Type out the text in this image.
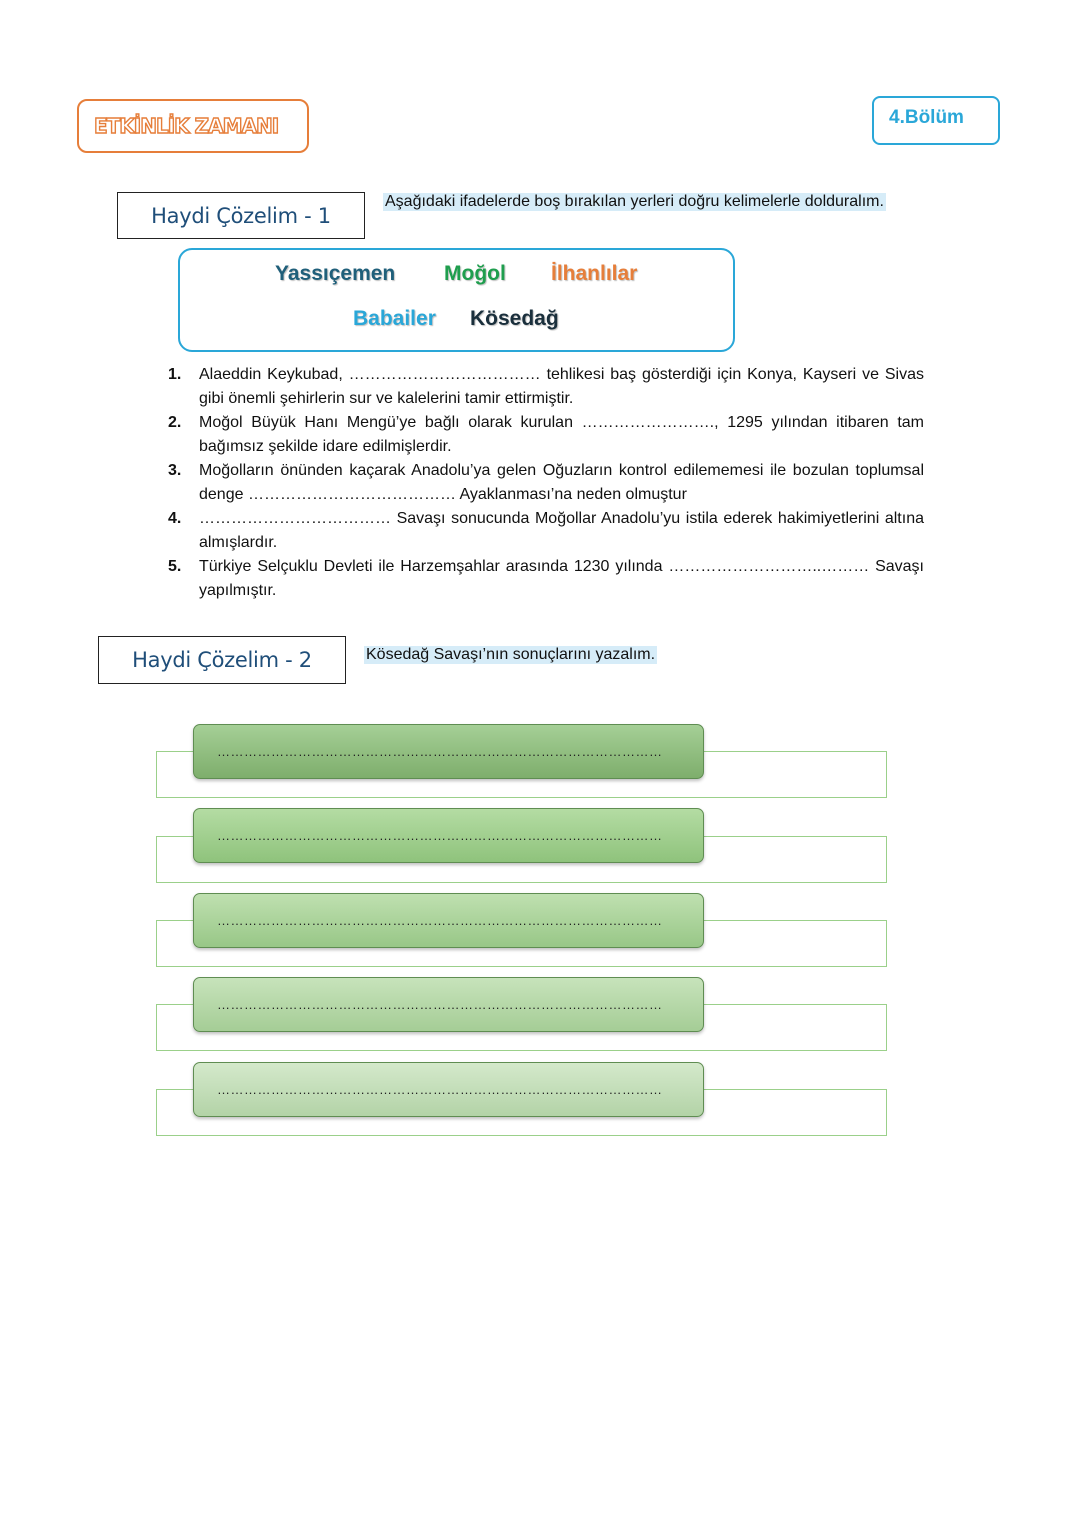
ETKİNLİK ZAMANI	4.Bölüm
Haydi Çözelim - 1
Aşağıdaki ifadelerde boş bırakılan yerleri doğru kelimelerle dolduralım.
Yassıçemen Moğol İlhanlılar
Babailer Kösedağ
1.	Alaeddin Keykubad, ……………………………… tehlikesi baş gösterdiği için Konya, Kayseri ve Sivas gibi önemli şehirlerin sur ve kalelerini tamir ettirmiştir.
2.	Moğol Büyük Hanı Mengü’ye bağlı olarak kurulan ……………………., 1295 yılından itibaren tam bağımsız şekilde idare edilmişlerdir.
3.	Moğolların önünden kaçarak Anadolu’ya gelen Oğuzların kontrol edilememesi ile bozulan toplumsal denge ………………………………… Ayaklanması’na neden olmuştur
4.	……………………………… Savaşı sonucunda Moğollar Anadolu’yu istila ederek hakimiyetlerini altına almışlardır.
5.	Türkiye Selçuklu Devleti ile Harzemşahlar arasında 1230 yılında ………………………..……… Savaşı yapılmıştır.
Haydi Çözelim - 2	Kösedağ Savaşı’nın sonuçlarını yazalım.
………………………………………………………………………………………
………………………………………………………………………………………
………………………………………………………………………………………
………………………………………………………………………………………
………………………………………………………………………………………
